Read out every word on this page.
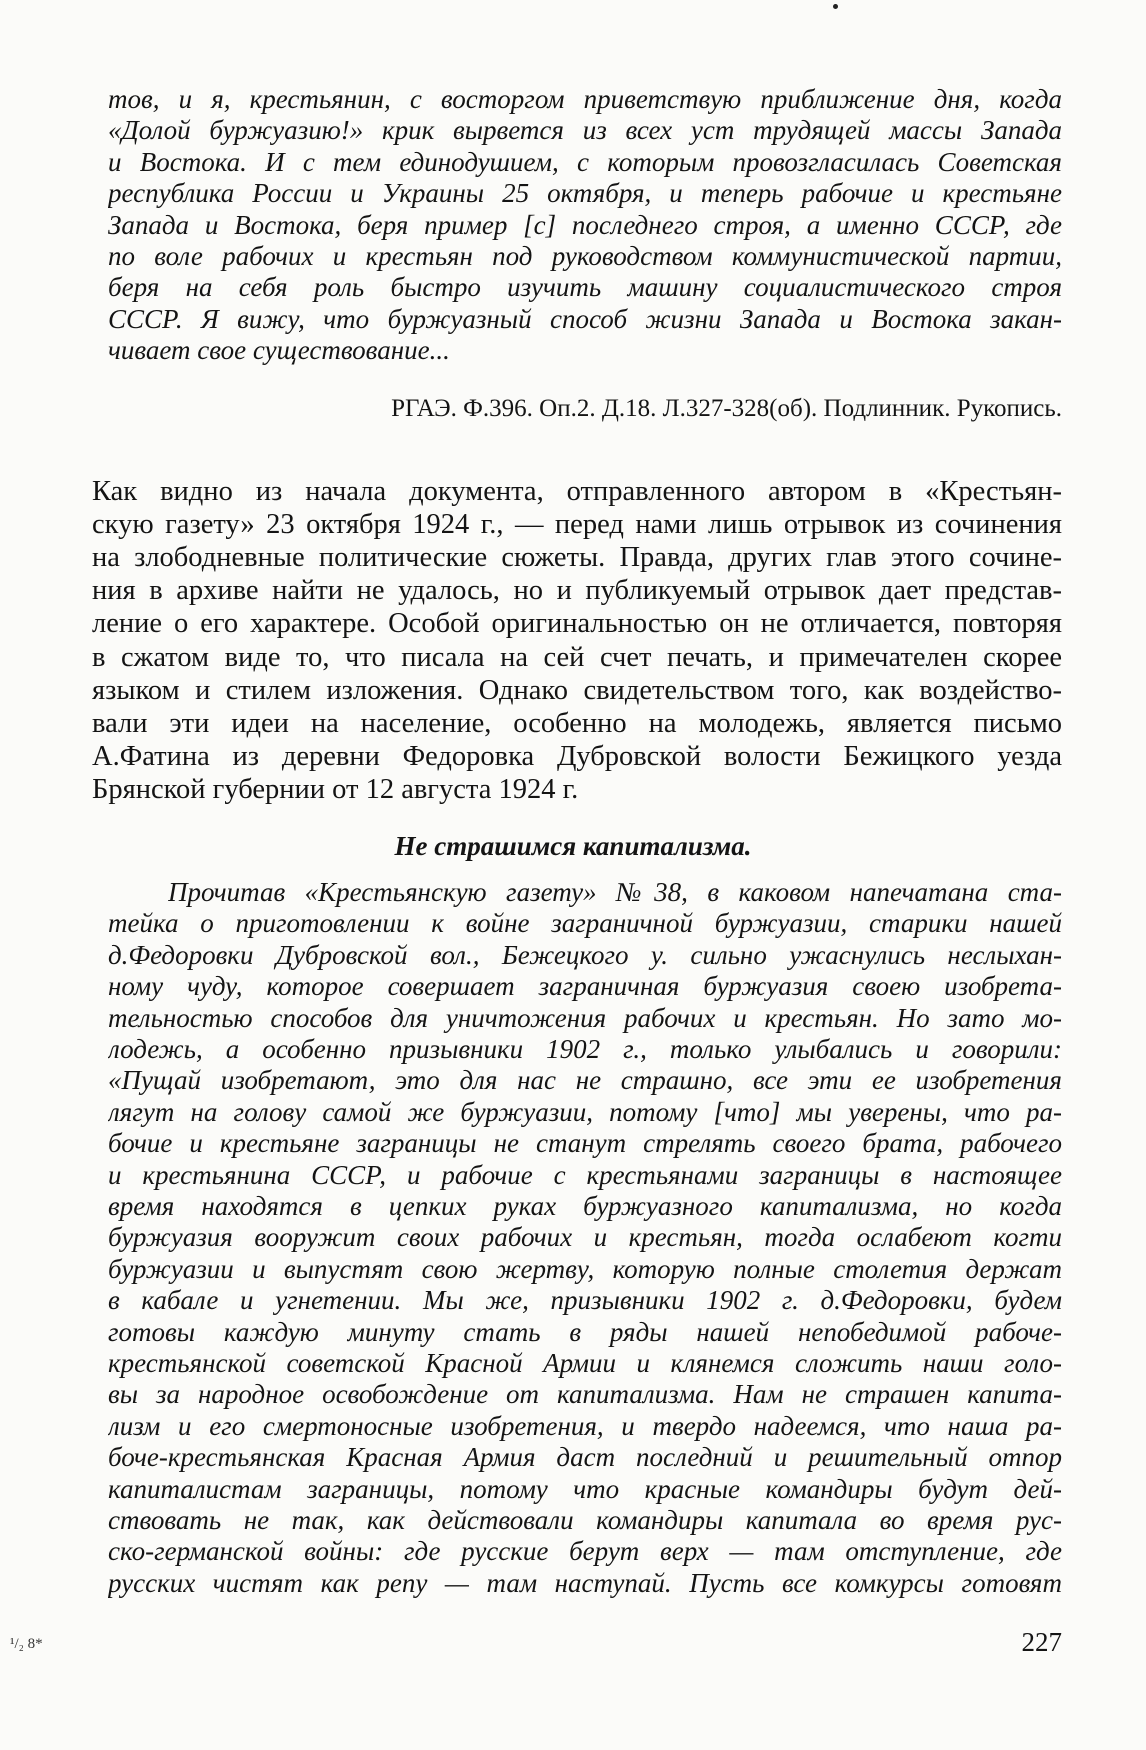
тов, и я, крестьянин, с восторгом приветствую приближение дня, когда
«Долой буржуазию!» крик вырвется из всех уст трудящей массы Запада
и Востока. И с тем единодушием, с которым провозгласилась Советская
республика России и Украины 25 октября, и теперь рабочие и крестьяне
Запада и Востока, беря пример [с] последнего строя, а именно СССР, где
по воле рабочих и крестьян под руководством коммунистической партии,
беря на себя роль быстро изучить машину социалистического строя
СССР. Я вижу, что буржуазный способ жизни Запада и Востока закан-
чивает свое существование...
РГАЭ. Ф.396. Оп.2. Д.18. Л.327-328(об). Подлинник. Рукопись.
Как видно из начала документа, отправленного автором в «Крестьян-
скую газету» 23 октября 1924 г., — перед нами лишь отрывок из сочинения
на злободневные политические сюжеты. Правда, других глав этого сочине-
ния в архиве найти не удалось, но и публикуемый отрывок дает представ-
ление о его характере. Особой оригинальностью он не отличается, повторяя
в сжатом виде то, что писала на сей счет печать, и примечателен скорее
языком и стилем изложения. Однако свидетельством того, как воздейство-
вали эти идеи на население, особенно на молодежь, является письмо
А.Фатина из деревни Федоровка Дубровской волости Бежицкого уезда
Брянской губернии от 12 августа 1924 г.
Не страшимся капитализма.
Прочитав «Крестьянскую газету» №38, в каковом напечатана ста-
тейка о приготовлении к войне заграничной буржуазии, старики нашей
д.Федоровки Дубровской вол., Бежецкого у. сильно ужаснулись неслыхан-
ному чуду, которое совершает заграничная буржуазия своею изобрета-
тельностью способов для уничтожения рабочих и крестьян. Но зато мо-
лодежь, а особенно призывники 1902 г., только улыбались и говорили:
«Пущай изобретают, это для нас не страшно, все эти ее изобретения
лягут на голову самой же буржуазии, потому [что] мы уверены, что ра-
бочие и крестьяне заграницы не станут стрелять своего брата, рабочего
и крестьянина СССР, и рабочие с крестьянами заграницы в настоящее
время находятся в цепких руках буржуазного капитализма, но когда
буржуазия вооружит своих рабочих и крестьян, тогда ослабеют когти
буржуазии и выпустят свою жертву, которую полные столетия держат
в кабале и угнетении. Мы же, призывники 1902 г. д.Федоровки, будем
готовы каждую минуту стать в ряды нашей непобедимой рабоче-
крестьянской советской Красной Армии и клянемся сложить наши голо-
вы за народное освобождение от капитализма. Нам не страшен капита-
лизм и его смертоносные изобретения, и твердо надеемся, что наша ра-
боче-крестьянская Красная Армия даст последний и решительный отпор
капиталистам заграницы, потому что красные командиры будут дей-
ствовать не так, как действовали командиры капитала во время рус-
ско-германской войны: где русские берут верх — там отступление, где
русских чистят как репу — там наступай. Пусть все комкурсы готовят
227
¹/₂ 8*
